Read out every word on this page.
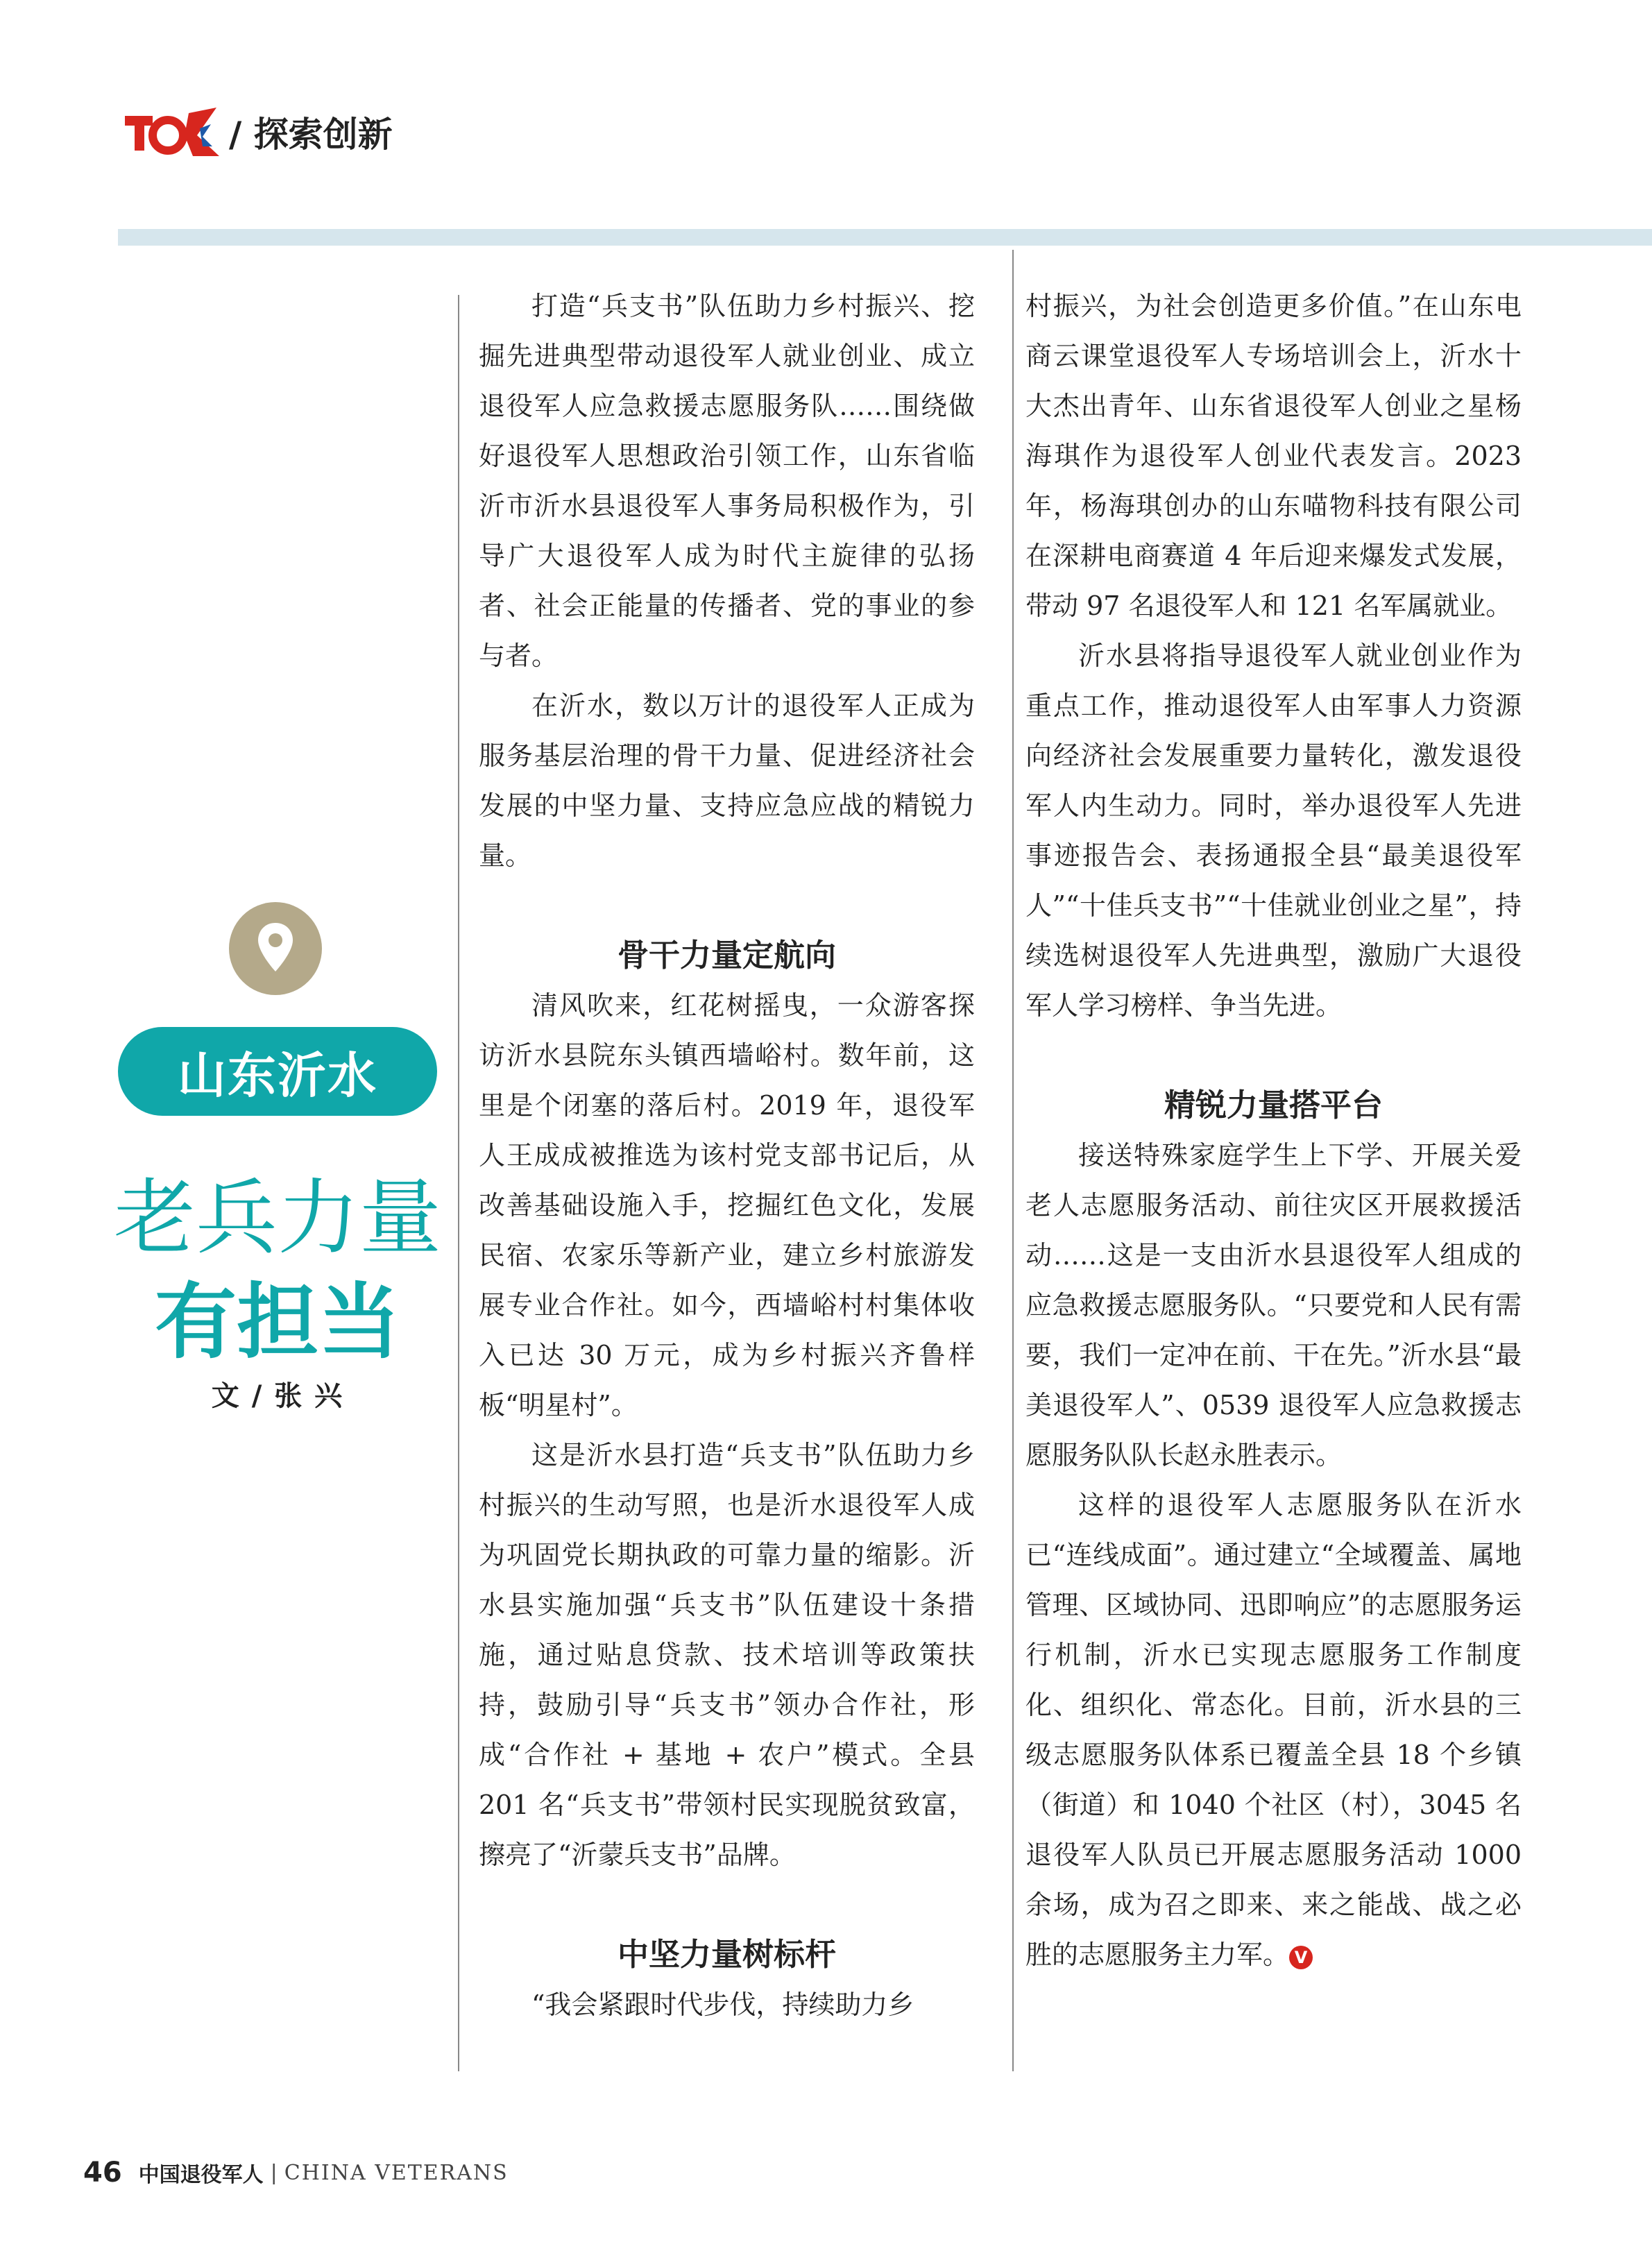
/ 探索创新
山东沂水
老兵力量
有担当
文 / 张 兴

打造“兵支书”队伍助力乡村振兴、挖掘先进典型带动退役军人就业创业、成立退役军人应急救援志愿服务队……围绕做好退役军人思想政治引领工作，山东省临沂市沂水县退役军人事务局积极作为，引导广大退役军人成为时代主旋律的弘扬者、社会正能量的传播者、党的事业的参与者。

在沂水，数以万计的退役军人正成为服务基层治理的骨干力量、促进经济社会发展的中坚力量、支持应急应战的精锐力量。

骨干力量定航向

清风吹来，红花树摇曳，一众游客探访沂水县院东头镇西墙峪村。数年前，这里是个闭塞的落后村。2019 年，退役军人王成成被推选为该村党支部书记后，从改善基础设施入手，挖掘红色文化，发展民宿、农家乐等新产业，建立乡村旅游发展专业合作社。如今，西墙峪村村集体收入已达 30 万元，成为乡村振兴齐鲁样板“明星村”。

这是沂水县打造“兵支书”队伍助力乡村振兴的生动写照，也是沂水退役军人成为巩固党长期执政的可靠力量的缩影。沂水县实施加强“兵支书”队伍建设十条措施，通过贴息贷款、技术培训等政策扶持，鼓励引导“兵支书”领办合作社，形成“合作社 + 基地 + 农户”模式。全县 201 名“兵支书”带领村民实现脱贫致富，擦亮了“沂蒙兵支书”品牌。

中坚力量树标杆

“我会紧跟时代步伐，持续助力乡

村振兴，为社会创造更多价值。”在山东电商云课堂退役军人专场培训会上，沂水十大杰出青年、山东省退役军人创业之星杨海琪作为退役军人创业代表发言。2023 年，杨海琪创办的山东喵物科技有限公司在深耕电商赛道 4 年后迎来爆发式发展，带动 97 名退役军人和 121 名军属就业。

沂水县将指导退役军人就业创业作为重点工作，推动退役军人由军事人力资源向经济社会发展重要力量转化，激发退役军人内生动力。同时，举办退役军人先进事迹报告会、表扬通报全县“最美退役军人”“十佳兵支书”“十佳就业创业之星”，持续选树退役军人先进典型，激励广大退役军人学习榜样、争当先进。

精锐力量搭平台

接送特殊家庭学生上下学、开展关爱老人志愿服务活动、前往灾区开展救援活动……这是一支由沂水县退役军人组成的应急救援志愿服务队。“只要党和人民有需要，我们一定冲在前、干在先。”沂水县“最美退役军人”、0539 退役军人应急救援志愿服务队队长赵永胜表示。

这样的退役军人志愿服务队在沂水已“连线成面”。通过建立“全域覆盖、属地管理、区域协同、迅即响应”的志愿服务运行机制，沂水已实现志愿服务工作制度化、组织化、常态化。目前，沂水县的三级志愿服务队体系已覆盖全县 18 个乡镇（街道）和 1040 个社区（村），3045 名退役军人队员已开展志愿服务活动 1000 余场，成为召之即来、来之能战、战之必胜的志愿服务主力军。 V

46 中国退役军人 | CHINA VETERANS
